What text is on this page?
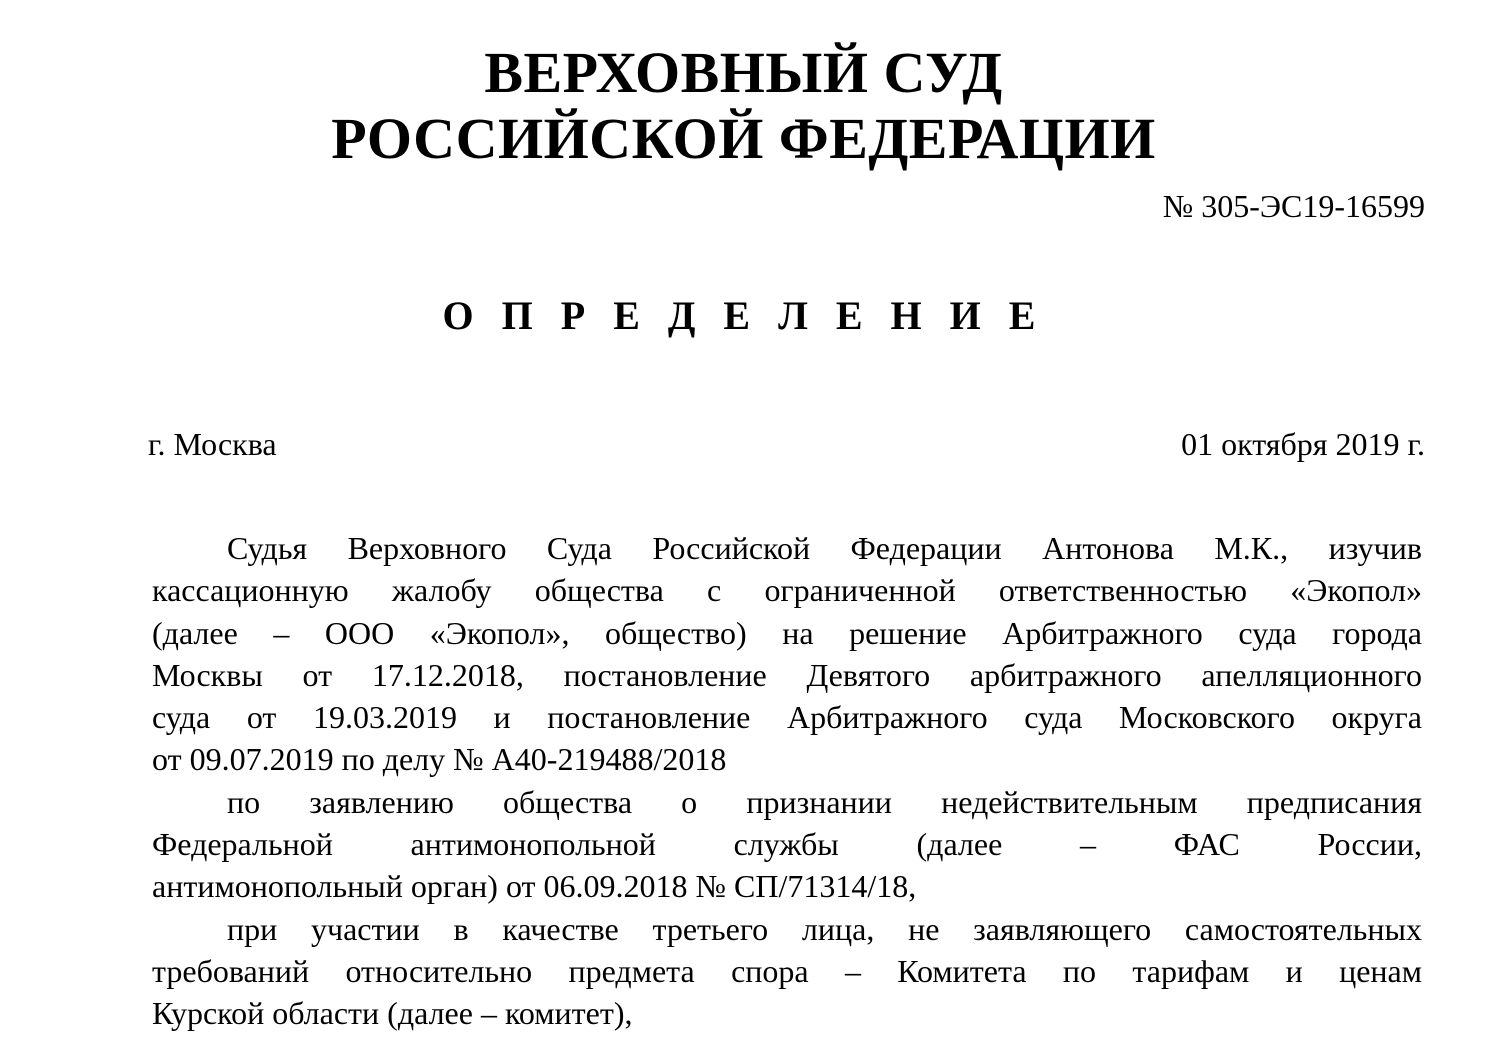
ВЕРХОВНЫЙ СУД
РОССИЙСКОЙ ФЕДЕРАЦИИ
№ 305-ЭС19-16599
О П Р Е Д Е Л Е Н И Е
г. Москва	01 октября 2019 г.
Судья Верховного Суда Российской Федерации Антонова М.К., изучив
кассационную жалобу общества с ограниченной ответственностью «Экопол»
(далее – ООО «Экопол», общество) на решение Арбитражного суда города
Москвы от 17.12.2018, постановление Девятого арбитражного апелляционного
суда от 19.03.2019 и постановление Арбитражного суда Московского округа
от 09.07.2019 по делу № А40-219488/2018
по заявлению общества о признании недействительным предписания
Федеральной антимонопольной службы (далее – ФАС России,
антимонопольный орган) от 06.09.2018 № СП/71314/18,
при участии в качестве третьего лица, не заявляющего самостоятельных
требований относительно предмета спора – Комитета по тарифам и ценам
Курской области (далее – комитет),
